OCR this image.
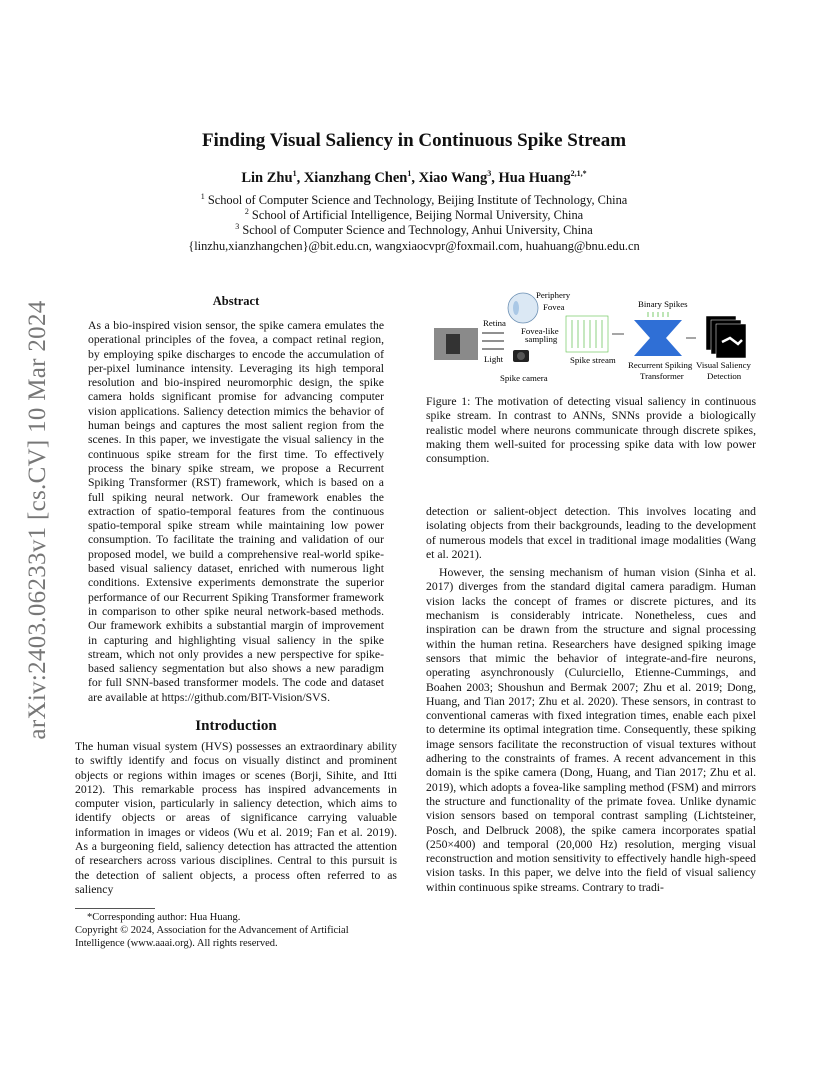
Finding Visual Saliency in Continuous Spike Stream
Lin Zhu$^1$, Xianzhang Chen$^1$, Xiao Wang$^3$, Hua Huang$^{2,1,*}$
$^1$ School of Computer Science and Technology, Beijing Institute of Technology, China
$^2$ School of Artificial Intelligence, Beijing Normal University, China
$^3$ School of Computer Science and Technology, Anhui University, China
{linzhu,xianzhangchen}@bit.edu.cn, wangxiaocvpr@foxmail.com, huahuang@bnu.edu.cn
arXiv:2403.06233v1 [cs.CV] 10 Mar 2024	Abstract
As a bio-inspired vision sensor, the spike camera emulates the operational principles of the fovea, a compact retinal region, by employing spike discharges to encode the accumulation of per-pixel luminance intensity. Leveraging its high temporal resolution and bio-inspired neuromorphic design, the spike camera holds significant promise for advancing computer vision applications. Saliency detection mimics the behavior of human beings and captures the most salient region from the scenes. In this paper, we investigate the visual saliency in the continuous spike stream for the first time. To effectively process the binary spike stream, we propose a Recurrent Spiking Transformer (RST) framework, which is based on a full spiking neural network. Our framework enables the extraction of spatio-temporal features from the continuous spatio-temporal spike stream while maintaining low power consumption. To facilitate the training and validation of our proposed model, we build a comprehensive real-world spike-based visual saliency dataset, enriched with numerous light conditions. Extensive experiments demonstrate the superior performance of our Recurrent Spiking Transformer framework in comparison to other spike neural network-based methods. Our framework exhibits a substantial margin of improvement in capturing and highlighting visual saliency in the spike stream, which not only provides a new perspective for spike-based saliency segmentation but also shows a new paradigm for full SNN-based transformer models. The code and dataset are available at https://github.com/BIT-Vision/SVS.
Introduction
The human visual system (HVS) possesses an extraordinary ability to swiftly identify and focus on visually distinct and prominent objects or regions within images or scenes (Borji, Sihite, and Itti 2012). This remarkable process has inspired advancements in computer vision, particularly in saliency detection, which aims to identify objects or areas of significance carrying valuable information in images or videos (Wu et al. 2019; Fan et al. 2019). As a burgeoning field, saliency detection has attracted the attention of researchers across various disciplines. Central to this pursuit is the detection of salient objects, a process often referred to as saliency
*Corresponding author: Hua Huang.
Copyright © 2024, Association for the Advancement of Artificial Intelligence (www.aaai.org). All rights reserved.
Periphery
Fovea
Retina
Fovea-like
sampling
Light
Spike camera
Spike stream
Binary Spikes
Recurrent Spiking
Transformer
Visual Saliency
Detection
Figure 1: The motivation of detecting visual saliency in continuous spike stream. In contrast to ANNs, SNNs provide a biologically realistic model where neurons communicate through discrete spikes, making them well-suited for processing spike data with low power consumption.

detection or salient-object detection. This involves locating and isolating objects from their backgrounds, leading to the development of numerous models that excel in traditional image modalities (Wang et al. 2021).

However, the sensing mechanism of human vision (Sinha et al. 2017) diverges from the standard digital camera paradigm. Human vision lacks the concept of frames or discrete pictures, and its mechanism is considerably intricate. Nonetheless, cues and inspiration can be drawn from the structure and signal processing within the human retina. Researchers have designed spiking image sensors that mimic the behavior of integrate-and-fire neurons, operating asynchronously (Culurciello, Etienne-Cummings, and Boahen 2003; Shoushun and Bermak 2007; Zhu et al. 2019; Dong, Huang, and Tian 2017; Zhu et al. 2020). These sensors, in contrast to conventional cameras with fixed integration times, enable each pixel to determine its optimal integration time. Consequently, these spiking image sensors facilitate the reconstruction of visual textures without adhering to the constraints of frames. A recent advancement in this domain is the spike camera (Dong, Huang, and Tian 2017; Zhu et al. 2019), which adopts a fovea-like sampling method (FSM) and mirrors the structure and functionality of the primate fovea. Unlike dynamic vision sensors based on temporal contrast sampling (Lichtsteiner, Posch, and Delbruck 2008), the spike camera incorporates spatial (250×400) and temporal (20,000 Hz) resolution, merging visual reconstruction and motion sensitivity to effectively handle high-speed vision tasks. In this paper, we delve into the field of visual saliency within continuous spike streams. Contrary to tradi-
